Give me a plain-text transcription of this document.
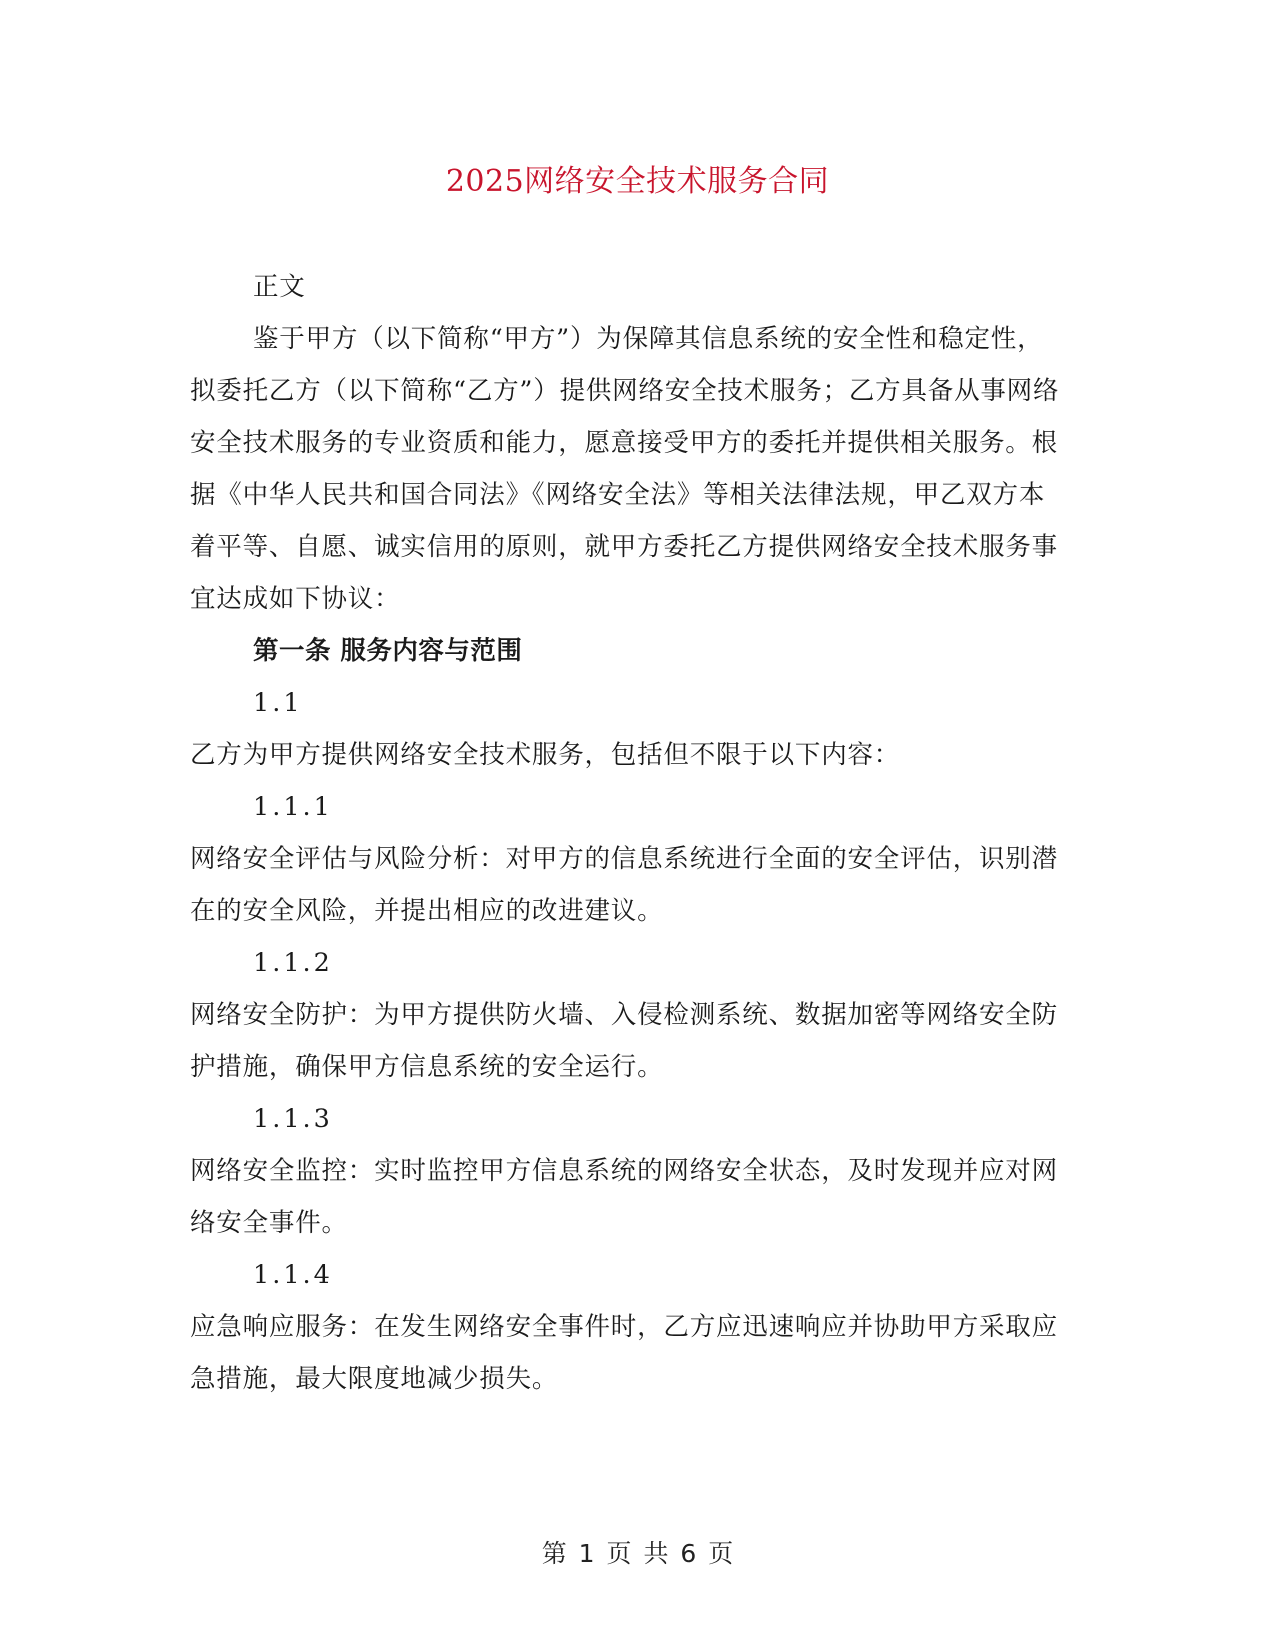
2025网络安全技术服务合同

正文

鉴于甲方（以下简称“甲方”）为保障其信息系统的安全性和稳定性，拟委托乙方（以下简称“乙方”）提供网络安全技术服务；乙方具备从事网络安全技术服务的专业资质和能力，愿意接受甲方的委托并提供相关服务。根据《中华人民共和国合同法》《网络安全法》等相关法律法规，甲乙双方本着平等、自愿、诚实信用的原则，就甲方委托乙方提供网络安全技术服务事宜达成如下协议：

第一条 服务内容与范围

1.1

乙方为甲方提供网络安全技术服务，包括但不限于以下内容：

1.1.1

网络安全评估与风险分析：对甲方的信息系统进行全面的安全评估，识别潜在的安全风险，并提出相应的改进建议。

1.1.2

网络安全防护：为甲方提供防火墙、入侵检测系统、数据加密等网络安全防护措施，确保甲方信息系统的安全运行。

1.1.3

网络安全监控：实时监控甲方信息系统的网络安全状态，及时发现并应对网络安全事件。

1.1.4

应急响应服务：在发生网络安全事件时，乙方应迅速响应并协助甲方采取应急措施，最大限度地减少损失。

第 1 页 共 6 页
